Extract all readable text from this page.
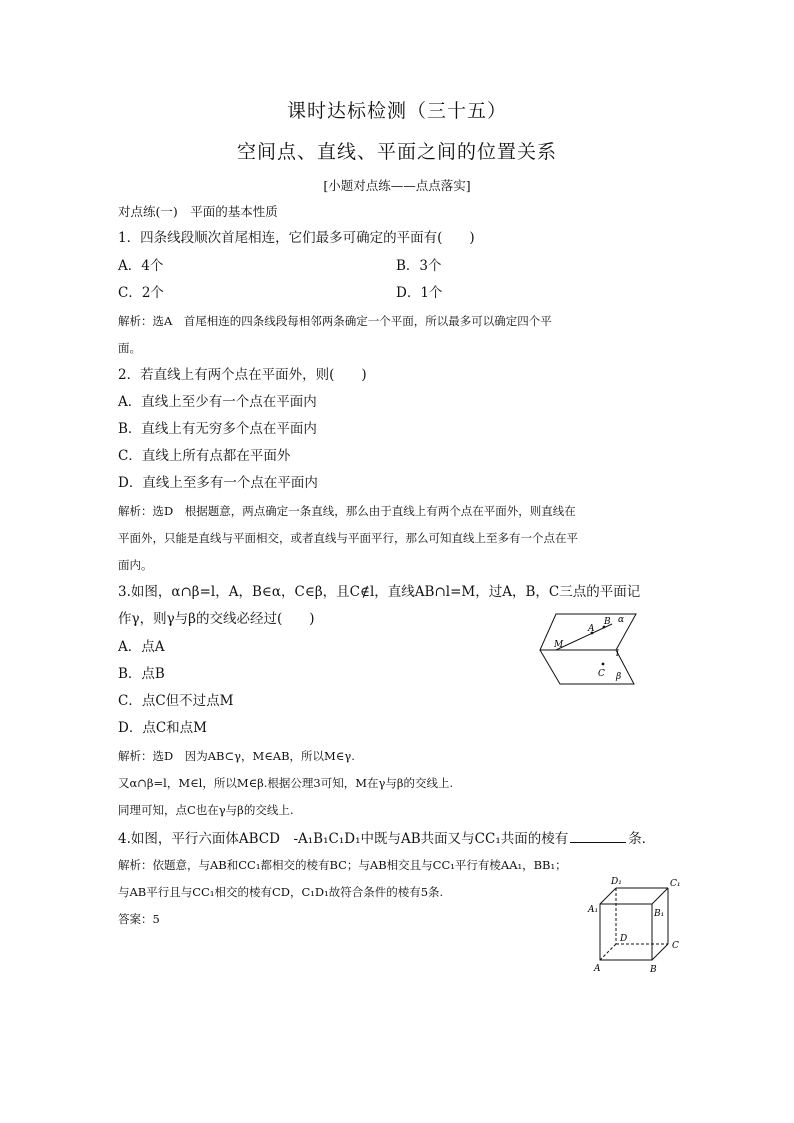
课时达标检测（三十五）
空间点、直线、平面之间的位置关系
[小题对点练——点点落实]
对点练(一)　平面的基本性质
1．四条线段顺次首尾相连，它们最多可确定的平面有(　　)
A．4个	B．3个
C．2个	D．1个
解析：选A　首尾相连的四条线段每相邻两条确定一个平面，所以最多可以确定四个平
面。
2．若直线上有两个点在平面外，则(　　)
A．直线上至少有一个点在平面内
B．直线上有无穷多个点在平面内
C．直线上所有点都在平面外
D．直线上至多有一个点在平面内
解析：选D　根据题意，两点确定一条直线，那么由于直线上有两个点在平面外，则直线在
平面外，只能是直线与平面相交，或者直线与平面平行，那么可知直线上至多有一个点在平
面内。
3.如图，α∩β=l，A，B∈α，C∈β，且C∉l，直线AB∩l=M，过A，B，C三点的平面记
作γ，则γ与β的交线必经过(　　)
A．点A
B．点B
C．点C但不过点M
D．点C和点M
M
A
B α
l
C β
解析：选D　因为AB⊂γ，M∈AB，所以M∈γ.
又α∩β=l，M∈l，所以M∈β.根据公理3可知，M在γ与β的交线上.
同理可知，点C也在γ与β的交线上.
4.如图，平行六面体ABCD　-A₁B₁C₁D₁中既与AB共面又与CC₁共面的棱有	条．
解析：依题意，与AB和CC₁都相交的棱有BC；与AB相交且与CC₁平行有棱AA₁，BB₁；
与AB平行且与CC₁相交的棱有CD，C₁D₁故符合条件的棱有5条.
答案：5
D₁	C₁
A₁	B₁
D
C
A	B
